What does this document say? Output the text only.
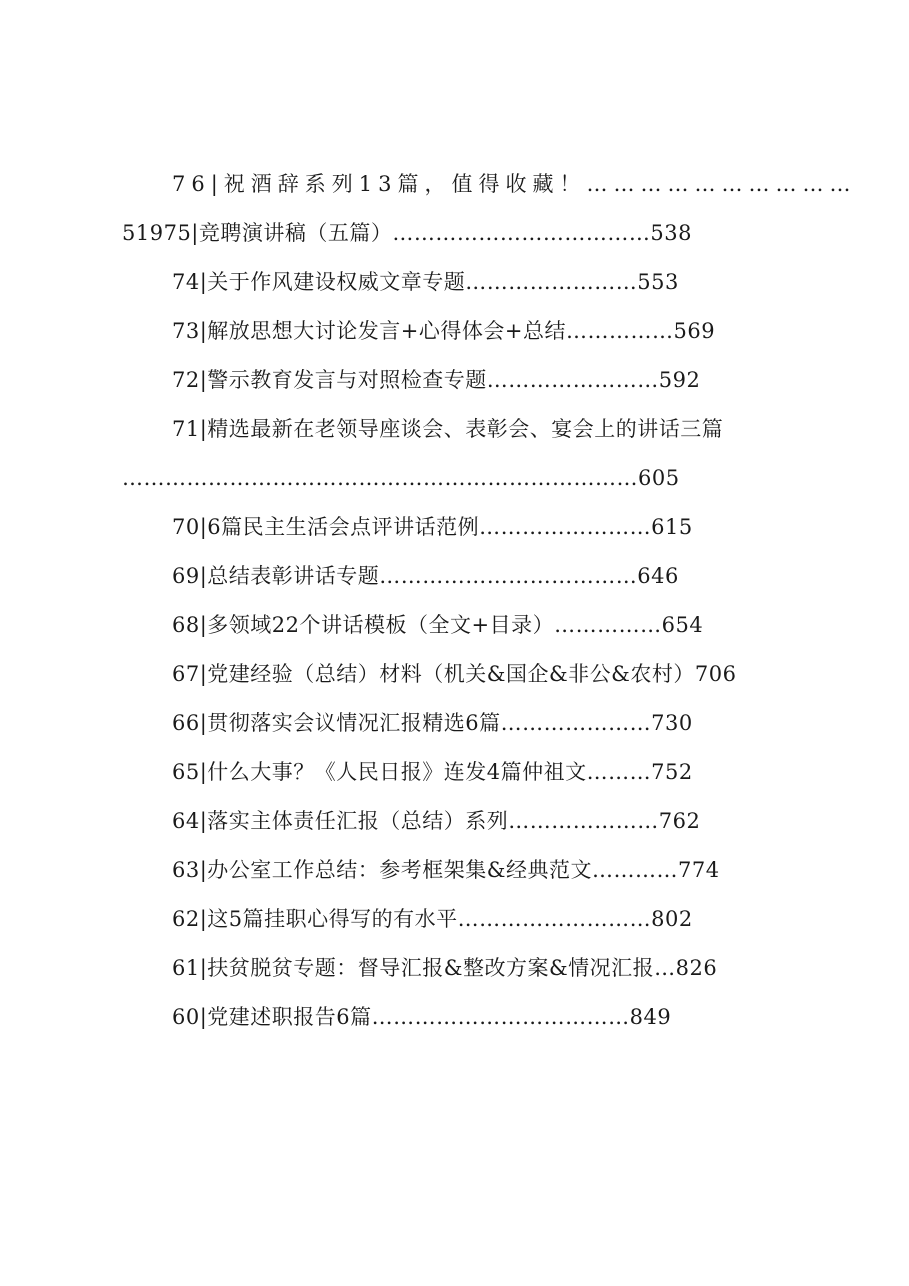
76|祝酒辞系列13篇，值得收藏！…………………………
51975|竞聘演讲稿（五篇）………………………………538
74|关于作风建设权威文章专题……………………553
73|解放思想大讨论发言+心得体会+总结……………569
72|警示教育发言与对照检查专题……………………592
71|精选最新在老领导座谈会、表彰会、宴会上的讲话三篇
………………………………………………………………605
70|6篇民主生活会点评讲话范例……………………615
69|总结表彰讲话专题………………………………646
68|多领域22个讲话模板（全文+目录）……………654
67|党建经验（总结）材料（机关&国企&非公&农村）706
66|贯彻落实会议情况汇报精选6篇…………………730
65|什么大事？《人民日报》连发4篇仲祖文………752
64|落实主体责任汇报（总结）系列…………………762
63|办公室工作总结：参考框架集&经典范文…………774
62|这5篇挂职心得写的有水平………………………802
61|扶贫脱贫专题：督导汇报&整改方案&情况汇报…826
60|党建述职报告6篇………………………………849
